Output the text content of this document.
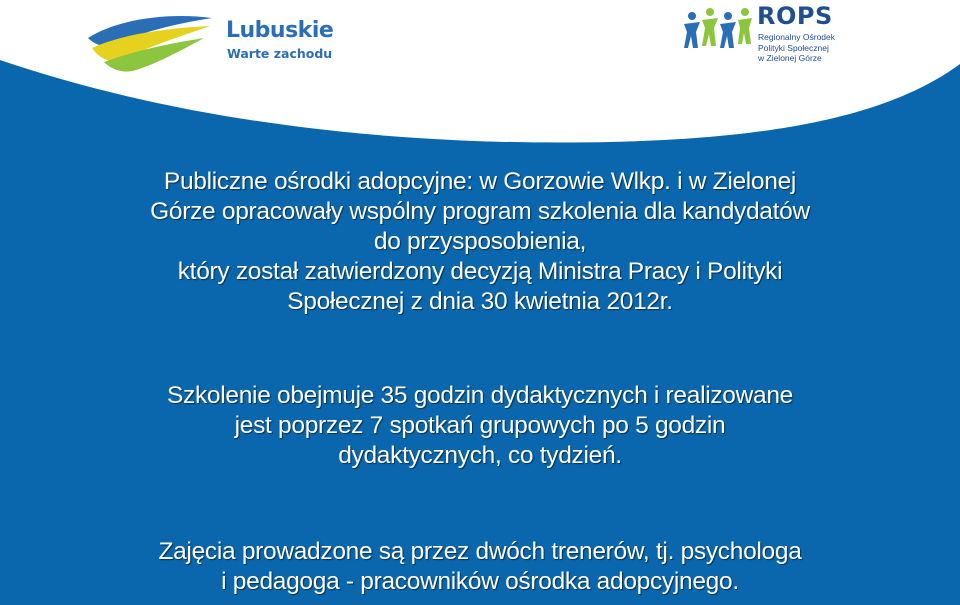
Lubuskie
Warte zachodu
ROPS
Regionalny Ośrodek
Polityki Społecznej
w Zielonej Górze
Publiczne ośrodki adopcyjne: w Gorzowie Wlkp. i w Zielonej
Górze opracowały wspólny program szkolenia dla kandydatów
do przysposobienia,
który został zatwierdzony decyzją Ministra Pracy i Polityki
Społecznej z dnia 30 kwietnia 2012r.
Szkolenie obejmuje 35 godzin dydaktycznych i realizowane
jest poprzez 7 spotkań grupowych po 5 godzin
dydaktycznych, co tydzień.
Zajęcia prowadzone są przez dwóch trenerów, tj. psychologa
i pedagoga - pracowników ośrodka adopcyjnego.
